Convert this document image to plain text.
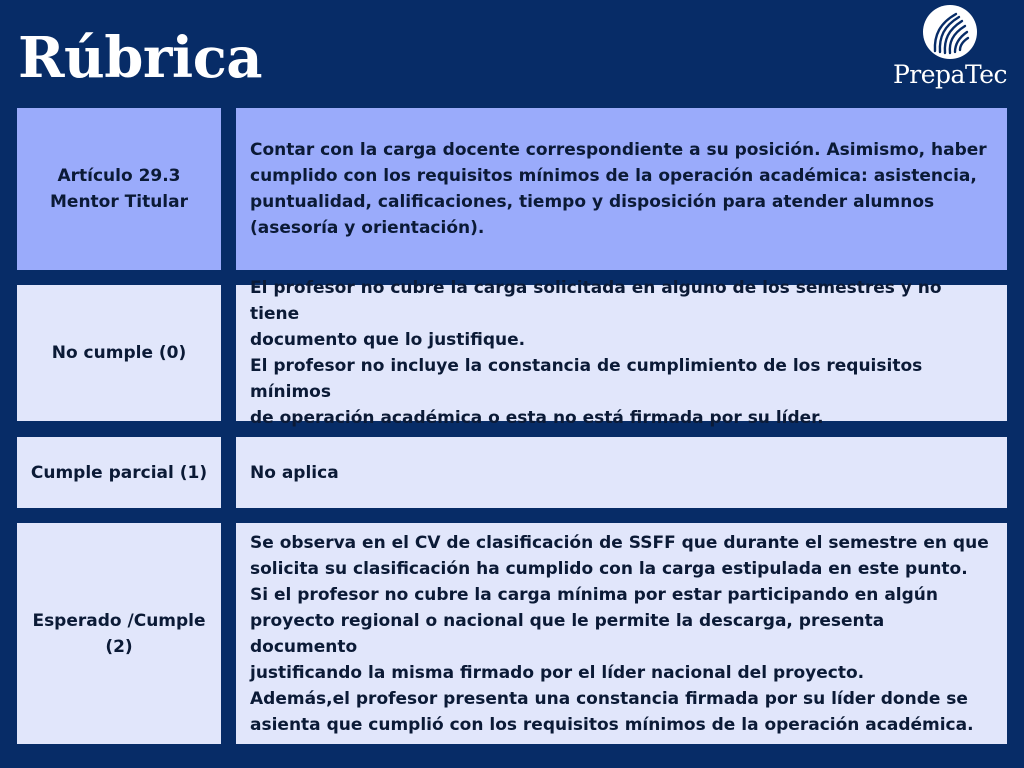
Rúbrica	PrepaTec
Artículo 29.3
Mentor Titular
Contar con la carga docente correspondiente a su posición. Asimismo, haber
cumplido con los requisitos mínimos de la operación académica: asistencia,
puntualidad, calificaciones, tiempo y disposición para atender alumnos
(asesoría y orientación).
No cumple (0)
El profesor no cubre la carga solicitada en alguno de los semestres y no tiene
documento que lo justifique.
El profesor no incluye la constancia de cumplimiento de los requisitos mínimos
de operación académica o esta no está firmada por su líder.
Cumple parcial (1)	No aplica
Esperado /Cumple
(2)
Se observa en el CV de clasificación de SSFF que durante el semestre en que
solicita su clasificación ha cumplido con la carga estipulada en este punto.
Si el profesor no cubre la carga mínima por estar participando en algún
proyecto regional o nacional que le permite la descarga, presenta documento
justificando la misma firmado por el líder nacional del proyecto.
Además,el profesor presenta una constancia firmada por su líder donde se
asienta que cumplió con los requisitos mínimos de la operación académica.
